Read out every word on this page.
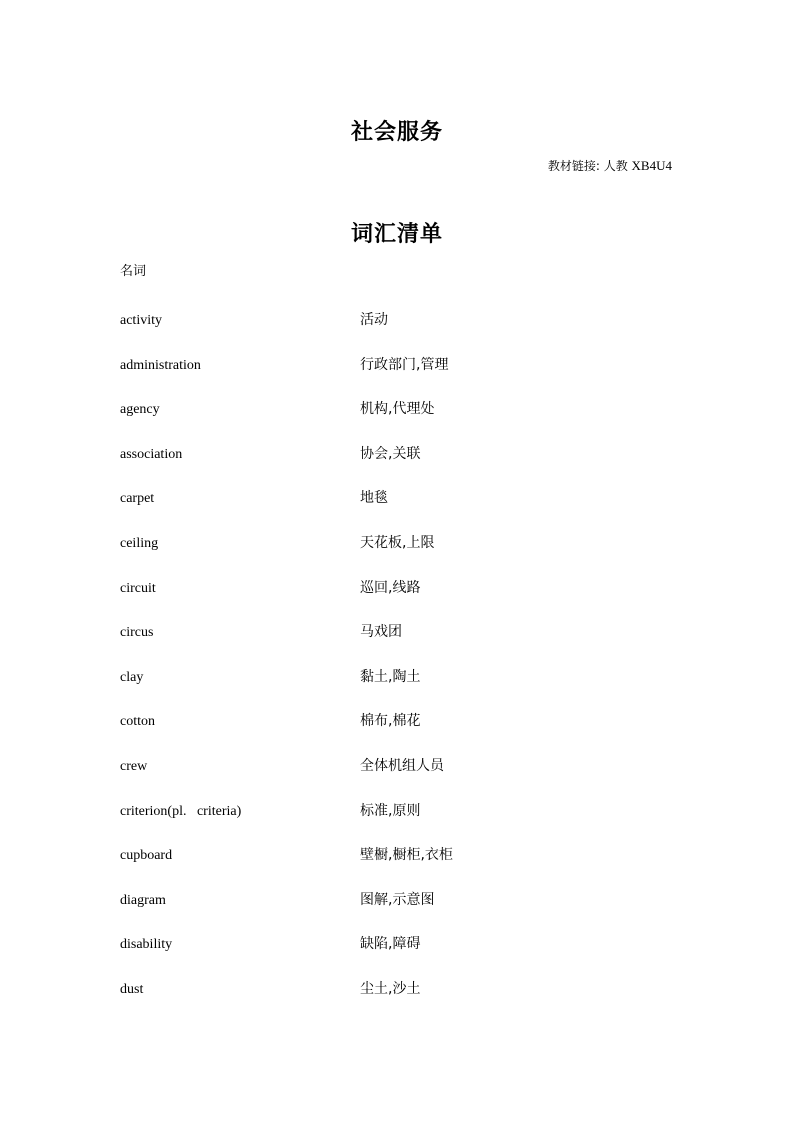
社会服务
教材链接: 人教 XB4U4
词汇清单
名词
activity	活动
administration	行政部门,管理
agency	机构,代理处
association	协会,关联
carpet	地毯
ceiling	天花板,上限
circuit	巡回,线路
circus	马戏团
clay	黏土,陶土
cotton	棉布,棉花
crew	全体机组人员
criterion(pl.   criteria)	标准,原则
cupboard	壁橱,橱柜,衣柜
diagram	图解,示意图
disability	缺陷,障碍
dust	尘土,沙土
